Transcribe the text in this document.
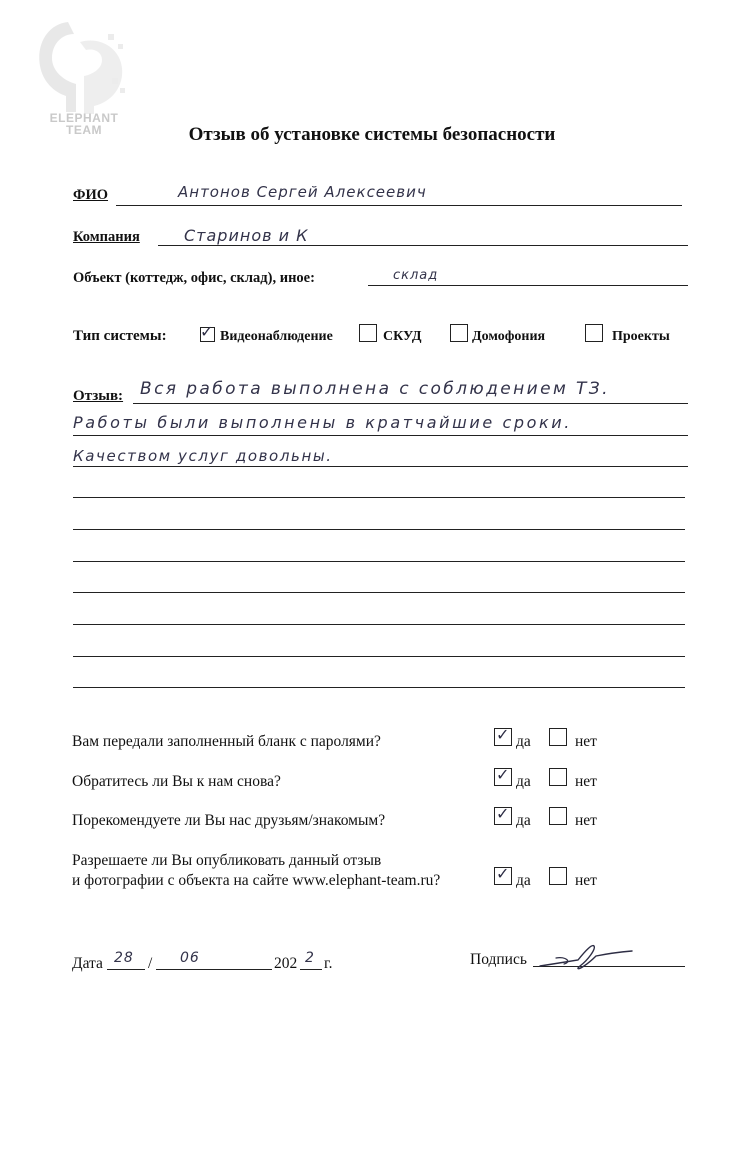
ELEPHANT TEAM	Отзыв об установке системы безопасности
ФИО	Антонов Сергей Алексеевич
Компания	Старинов и К
Объект (коттедж, офис, склад), иное:	склад
Тип системы: ✓ Видеонаблюдение	СКУД	Домофония	Проекты
Отзыв: Вся работа выполнена с соблюдением ТЗ.
Работы были выполнены в кратчайшие сроки.
Качеством услуг довольны.
Вам передали заполненный бланк с паролями?	✓ да	нет
Обратитесь ли Вы к нам снова?	✓ да	нет
Порекомендуете ли Вы нас друзьям/знакомым?	✓ да	нет
Разрешаете ли Вы опубликовать данный отзыв
и фотографии с объекта на сайте www.elephant-team.ru?	✓ да	нет
Дата 28 / 06	202 2 г.	Подпись
